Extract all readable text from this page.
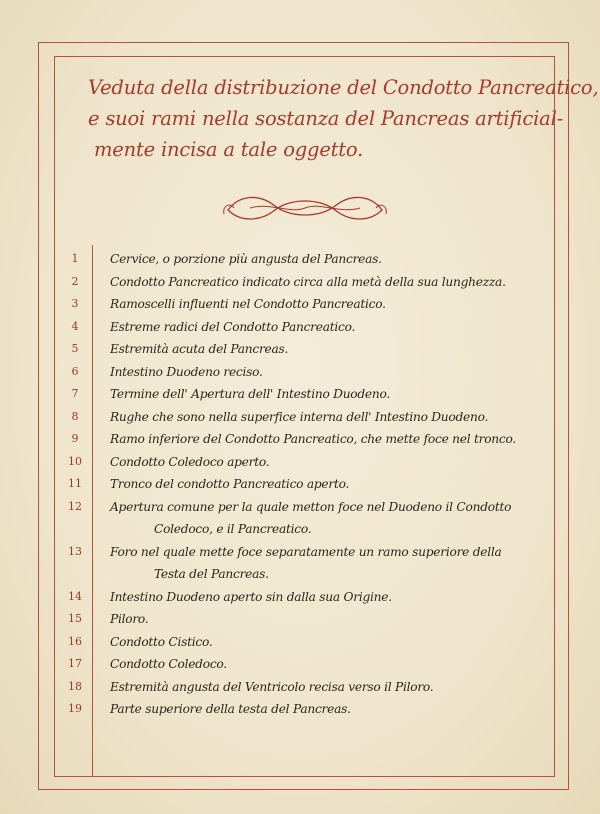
Veduta della distribuzione del Condotto Pancreatico,
e suoi rami nella sostanza del Pancreas artificial-
mente incisa a tale oggetto.
1	Cervice, o porzione più angusta del Pancreas.
2	Condotto Pancreatico indicato circa alla metà della sua lunghezza.
3	Ramoscelli influenti nel Condotto Pancreatico.
4	Estreme radici del Condotto Pancreatico.
5	Estremità acuta del Pancreas.
6	Intestino Duodeno reciso.
7	Termine dell' Apertura dell' Intestino Duodeno.
8	Rughe che sono nella superfice interna dell' Intestino Duodeno.
9	Ramo inferiore del Condotto Pancreatico, che mette foce nel tronco.
10	Condotto Coledoco aperto.
11	Tronco del condotto Pancreatico aperto.
12	Apertura comune per la quale metton foce nel Duodeno il Condotto
Coledoco, e il Pancreatico.
13	Foro nel quale mette foce separatamente un ramo superiore della
Testa del Pancreas.
14	Intestino Duodeno aperto sin dalla sua Origine.
15	Piloro.
16	Condotto Cistico.
17	Condotto Coledoco.
18	Estremità angusta del Ventricolo recisa verso il Piloro.
19	Parte superiore della testa del Pancreas.
